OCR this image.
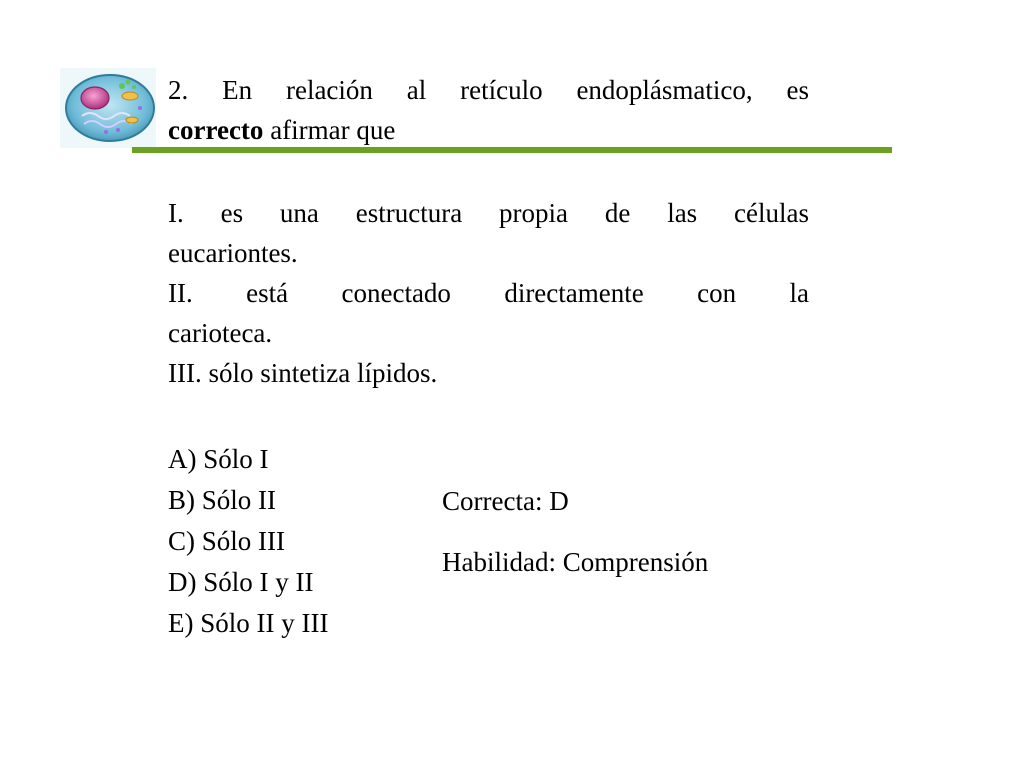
2. En relación al retículo endoplásmatico, es
correcto afirmar que
I. es una estructura propia de las células
eucariontes.
II. está conectado directamente con la
carioteca.
III. sólo sintetiza lípidos.
A) Sólo I
B) Sólo II
C) Sólo III
D) Sólo I y II
E) Sólo II y III
Correcta: D
Habilidad: Comprensión
